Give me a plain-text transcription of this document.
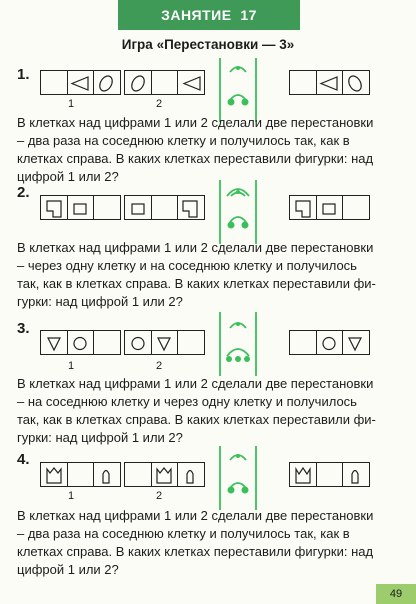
ЗАНЯТИЕ  17
Игра «Перестановки — 3»
1.
1	2
В клетках над цифрами 1 или 2 сделали две перестановки
– два раза на соседнюю клетку и получилось так, как в
клетках справа. В каких клетках переставили фигурки: над
цифрой 1 или 2?
2.
В клетках над цифрами 1 или 2 сделали две перестановки
– через одну клетку и на соседнюю клетку и получилось
так, как в клетках справа. В каких клетках переставили фи-
гурки: над цифрой 1 или 2?
3.
1	2
В клетках над цифрами 1 или 2 сделали две перестановки
– на соседнюю клетку и через одну клетку и получилось
так, как в клетках справа. В каких клетках переставили фи-
гурки: над цифрой 1 или 2?
4.
1	2
В клетках над цифрами 1 или 2 сделали две перестановки
– два раза на соседнюю клетку и получилось так, как в
клетках справа. В каких клетках переставили фигурки: над
цифрой 1 или 2?
49
